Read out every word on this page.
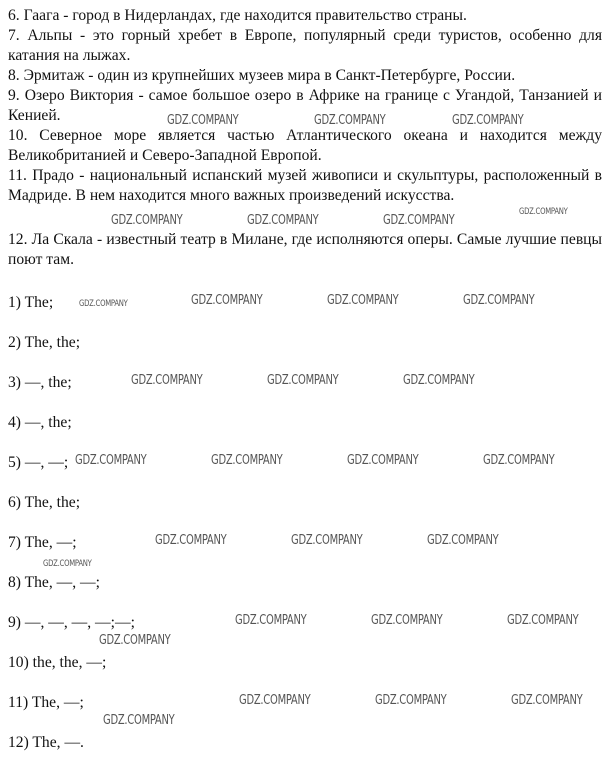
6. Гаага - город в Нидерландах, где находится правительство страны.

7. Альпы - это горный хребет в Европе, популярный среди туристов, особенно для катания на лыжах.

8. Эрмитаж - один из крупнейших музеев мира в Санкт-Петербурге, России.

9. Озеро Виктория - самое большое озеро в Африке на границе с Угандой, Танзанией и Кенией.

10. Северное море является частью Атлантического океана и находится между Великобританией и Северо-Западной Европой.

11. Прадо - национальный испанский музей живописи и скульптуры, расположенный в Мадриде. В нем находится много важных произведений искусства.

12. Ла Скала - известный театр в Милане, где исполняются оперы. Самые лучшие певцы поют там.

1) The;
2) The, the;
3) —, the;
4) —, the;
5) —, —;
6) The, the;
7) The, —;
8) The, —, —;
9) —, —, —, —;—;
10) the, the, —;
11) The, —;
12) The, —.
GDZ.COMPANY	GDZ.COMPANY	GDZ.COMPANY
GDZ.COMPANY	GDZ.COMPANY	GDZ.COMPANY
GDZ.COMPANY
GDZ.COMPANY	GDZ.COMPANY	GDZ.COMPANY	GDZ.COMPANY
GDZ.COMPANY	GDZ.COMPANY	GDZ.COMPANY
GDZ.COMPANY	GDZ.COMPANY	GDZ.COMPANY	GDZ.COMPANY
GDZ.COMPANY	GDZ.COMPANY	GDZ.COMPANY
GDZ.COMPANY
GDZ.COMPANY	GDZ.COMPANY	GDZ.COMPANY
GDZ.COMPANY
GDZ.COMPANY	GDZ.COMPANY	GDZ.COMPANY
GDZ.COMPANY
